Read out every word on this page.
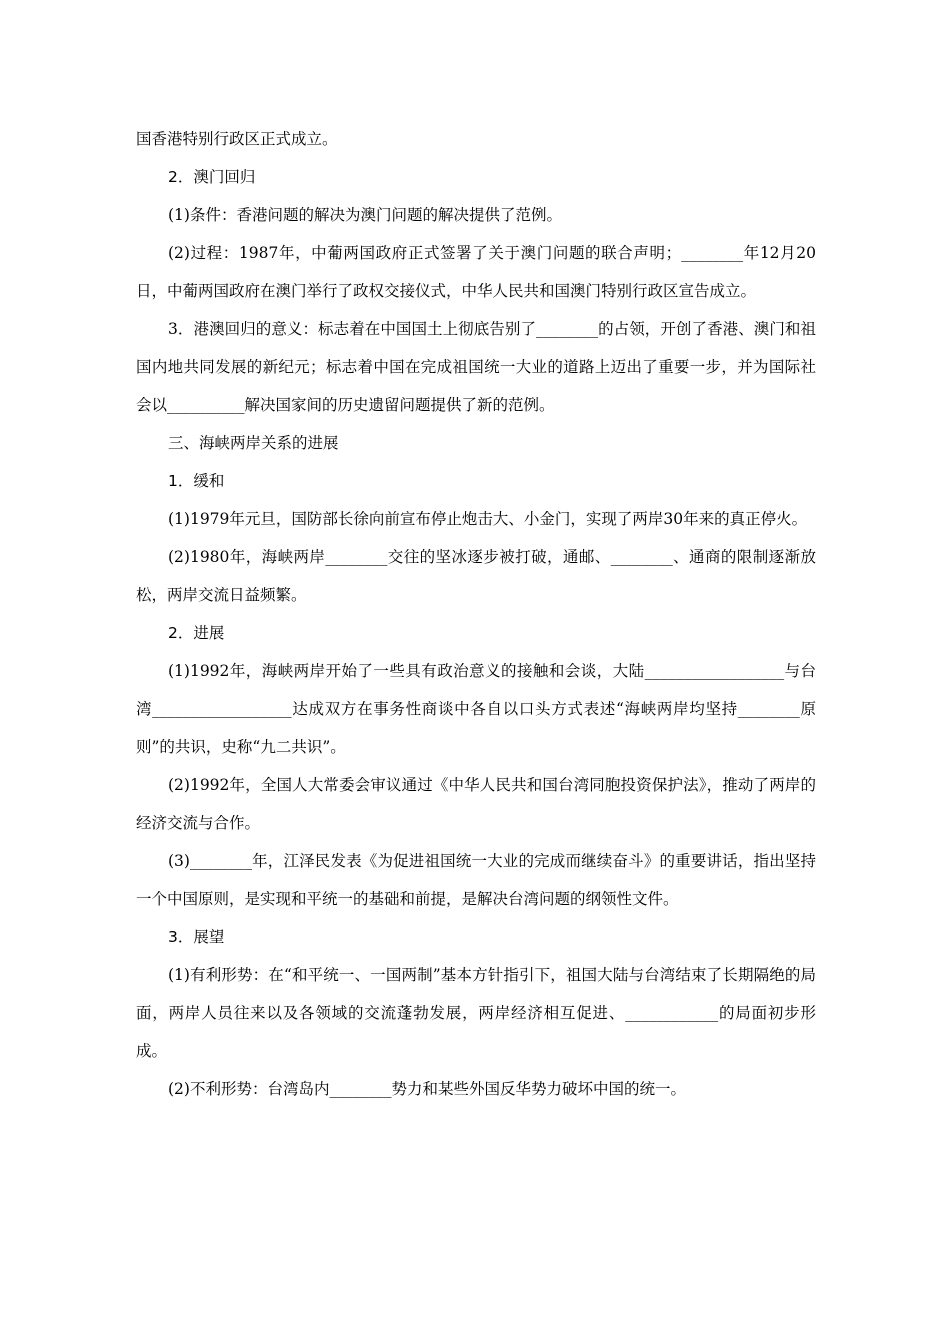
国香港特别行政区正式成立。

2．澳门回归

(1)条件：香港问题的解决为澳门问题的解决提供了范例。

(2)过程：1987年，中葡两国政府正式签署了关于澳门问题的联合声明；________年12月20日，中葡两国政府在澳门举行了政权交接仪式，中华人民共和国澳门特别行政区宣告成立。

3．港澳回归的意义：标志着在中国国土上彻底告别了________的占领，开创了香港、澳门和祖国内地共同发展的新纪元；标志着中国在完成祖国统一大业的道路上迈出了重要一步，并为国际社会以__________解决国家间的历史遗留问题提供了新的范例。

三、海峡两岸关系的进展

1．缓和

(1)1979年元旦，国防部长徐向前宣布停止炮击大、小金门，实现了两岸30年来的真正停火。

(2)1980年，海峡两岸________交往的坚冰逐步被打破，通邮、________、通商的限制逐渐放松，两岸交流日益频繁。

2．进展

(1)1992年，海峡两岸开始了一些具有政治意义的接触和会谈，大陆__________________与台湾__________________达成双方在事务性商谈中各自以口头方式表述“海峡两岸均坚持________原则”的共识，史称“九二共识”。

(2)1992年，全国人大常委会审议通过《中华人民共和国台湾同胞投资保护法》，推动了两岸的经济交流与合作。

(3)________年，江泽民发表《为促进祖国统一大业的完成而继续奋斗》的重要讲话，指出坚持一个中国原则，是实现和平统一的基础和前提，是解决台湾问题的纲领性文件。

3．展望

(1)有利形势：在“和平统一、一国两制”基本方针指引下，祖国大陆与台湾结束了长期隔绝的局面，两岸人员往来以及各领域的交流蓬勃发展，两岸经济相互促进、____________的局面初步形成。

(2)不利形势：台湾岛内________势力和某些外国反华势力破坏中国的统一。
